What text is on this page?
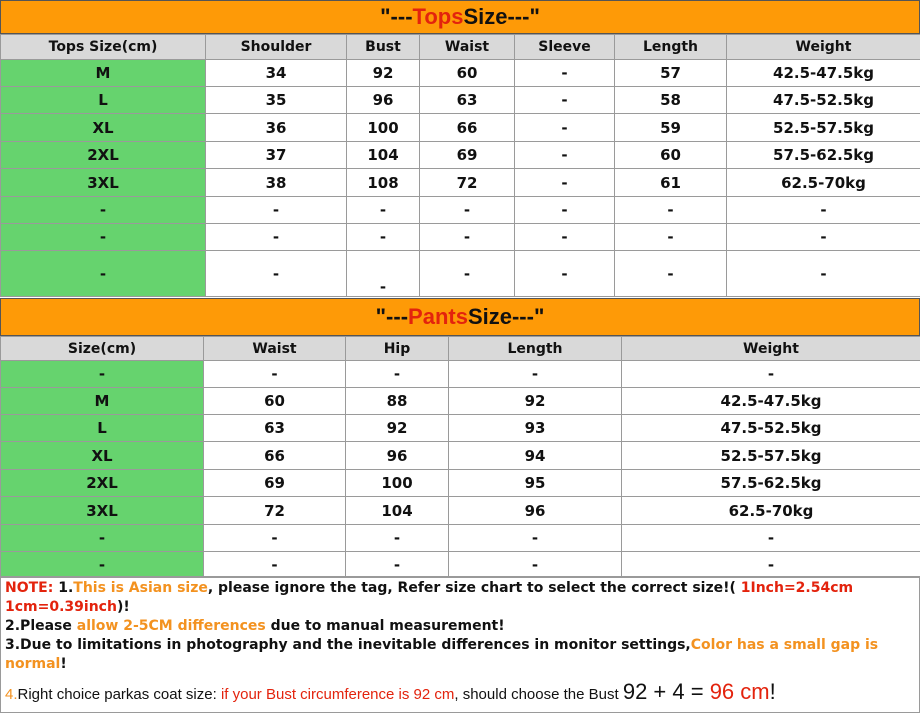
"--- Tops Size---"
Tops Size(cm)	Shoulder	Bust	Waist	Sleeve	Length	Weight
M	34	92	60	-	57	42.5-47.5kg
L	35	96	63	-	58	47.5-52.5kg
XL	36	100	66	-	59	52.5-57.5kg
2XL	37	104	69	-	60	57.5-62.5kg
3XL	38	108	72	-	61	62.5-70kg
-	-	-	-	-	-	-
-	-	-	-	-	-	-
-	-	-	-	-	-	-
"--- Pants Size---"
Size(cm)	Waist	Hip	Length	Weight
-	-	-	-	-
M	60	88	92	42.5-47.5kg
L	63	92	93	47.5-52.5kg
XL	66	96	94	52.5-57.5kg
2XL	69	100	95	57.5-62.5kg
3XL	72	104	96	62.5-70kg
-	-	-	-	-
-	-	-	-	-

NOTE: 1.This is Asian size, please ignore the tag, Refer size chart to select the correct size!( 1Inch=2.54cm
1cm=0.39inch)!

2.Please allow 2-5CM differences due to manual measurement!

3.Due to limitations in photography and the inevitable differences in monitor settings,Color has a small gap is normal!

4.Right choice parkas coat size: if your Bust circumference is 92 cm, should choose the Bust 92 + 4 = 96 cm!
